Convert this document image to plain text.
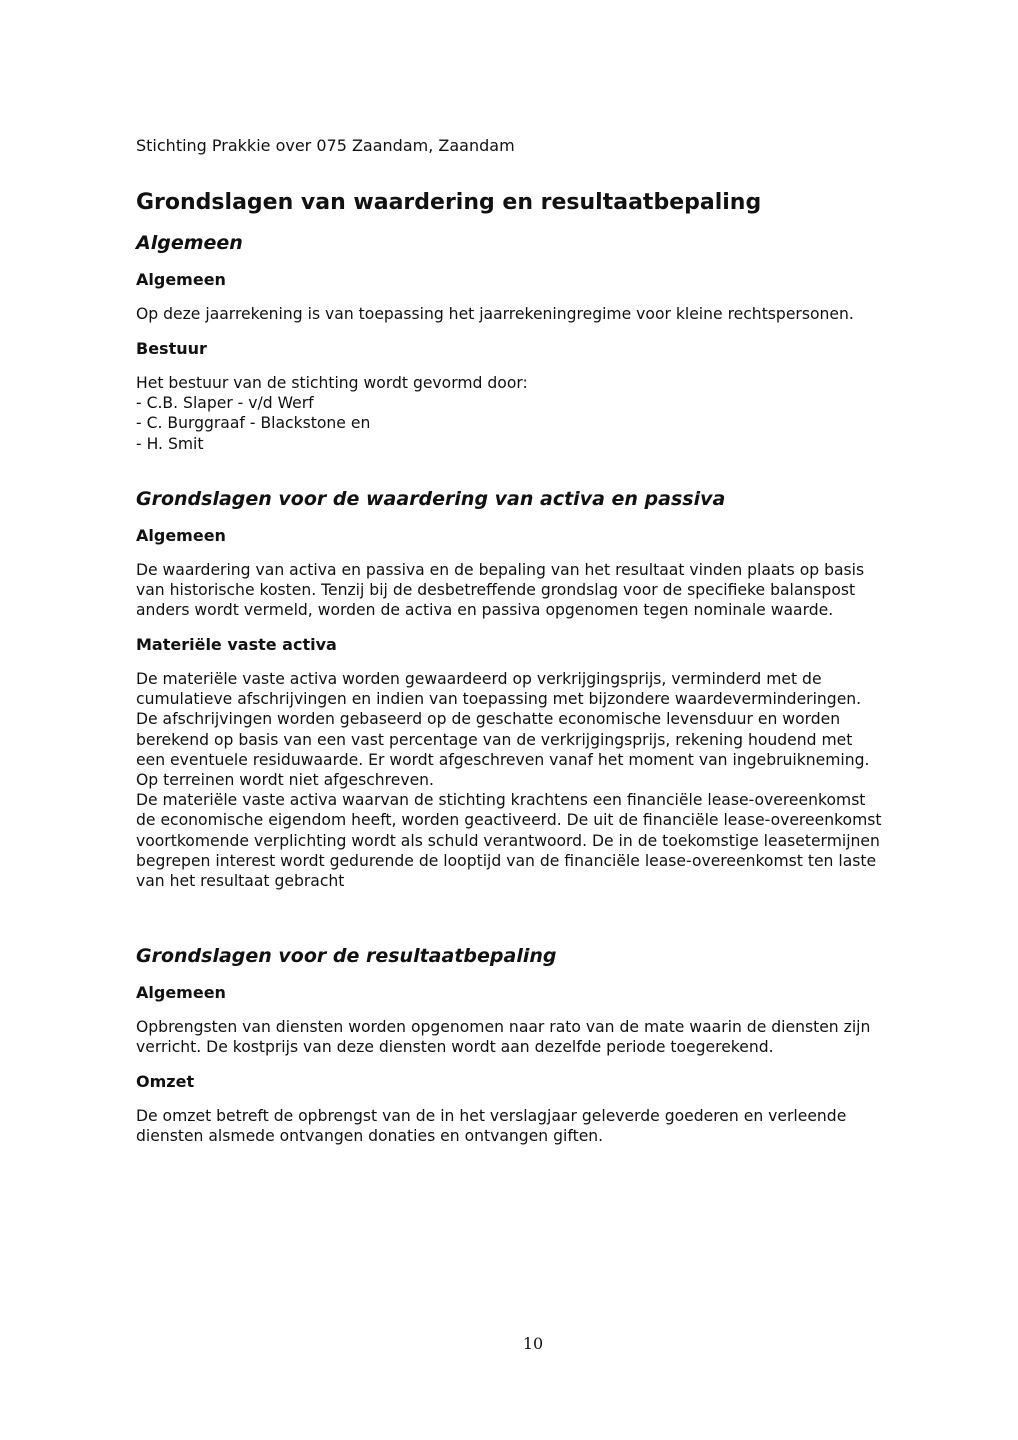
Stichting Prakkie over 075 Zaandam, Zaandam

Grondslagen van waardering en resultaatbepaling
Algemeen
Algemeen
Op deze jaarrekening is van toepassing het jaarrekeningregime voor kleine rechtspersonen.
Bestuur
Het bestuur van de stichting wordt gevormd door:
- C.B. Slaper - v/d Werf
- C. Burggraaf - Blackstone en
- H. Smit
Grondslagen voor de waardering van activa en passiva
Algemeen
De waardering van activa en passiva en de bepaling van het resultaat vinden plaats op basis
van historische kosten. Tenzij bij de desbetreffende grondslag voor de specifieke balanspost
anders wordt vermeld, worden de activa en passiva opgenomen tegen nominale waarde.
Materiële vaste activa
De materiële vaste activa worden gewaardeerd op verkrijgingsprijs, verminderd met de
cumulatieve afschrijvingen en indien van toepassing met bijzondere waardeverminderingen.
De afschrijvingen worden gebaseerd op de geschatte economische levensduur en worden
berekend op basis van een vast percentage van de verkrijgingsprijs, rekening houdend met
een eventuele residuwaarde. Er wordt afgeschreven vanaf het moment van ingebruikneming.
Op terreinen wordt niet afgeschreven.
De materiële vaste activa waarvan de stichting krachtens een financiële lease-overeenkomst
de economische eigendom heeft, worden geactiveerd. De uit de financiële lease-overeenkomst
voortkomende verplichting wordt als schuld verantwoord. De in de toekomstige leasetermijnen
begrepen interest wordt gedurende de looptijd van de financiële lease-overeenkomst ten laste
van het resultaat gebracht
Grondslagen voor de resultaatbepaling
Algemeen
Opbrengsten van diensten worden opgenomen naar rato van de mate waarin de diensten zijn
verricht. De kostprijs van deze diensten wordt aan dezelfde periode toegerekend.
Omzet
De omzet betreft de opbrengst van de in het verslagjaar geleverde goederen en verleende
diensten alsmede ontvangen donaties en ontvangen giften.

10
